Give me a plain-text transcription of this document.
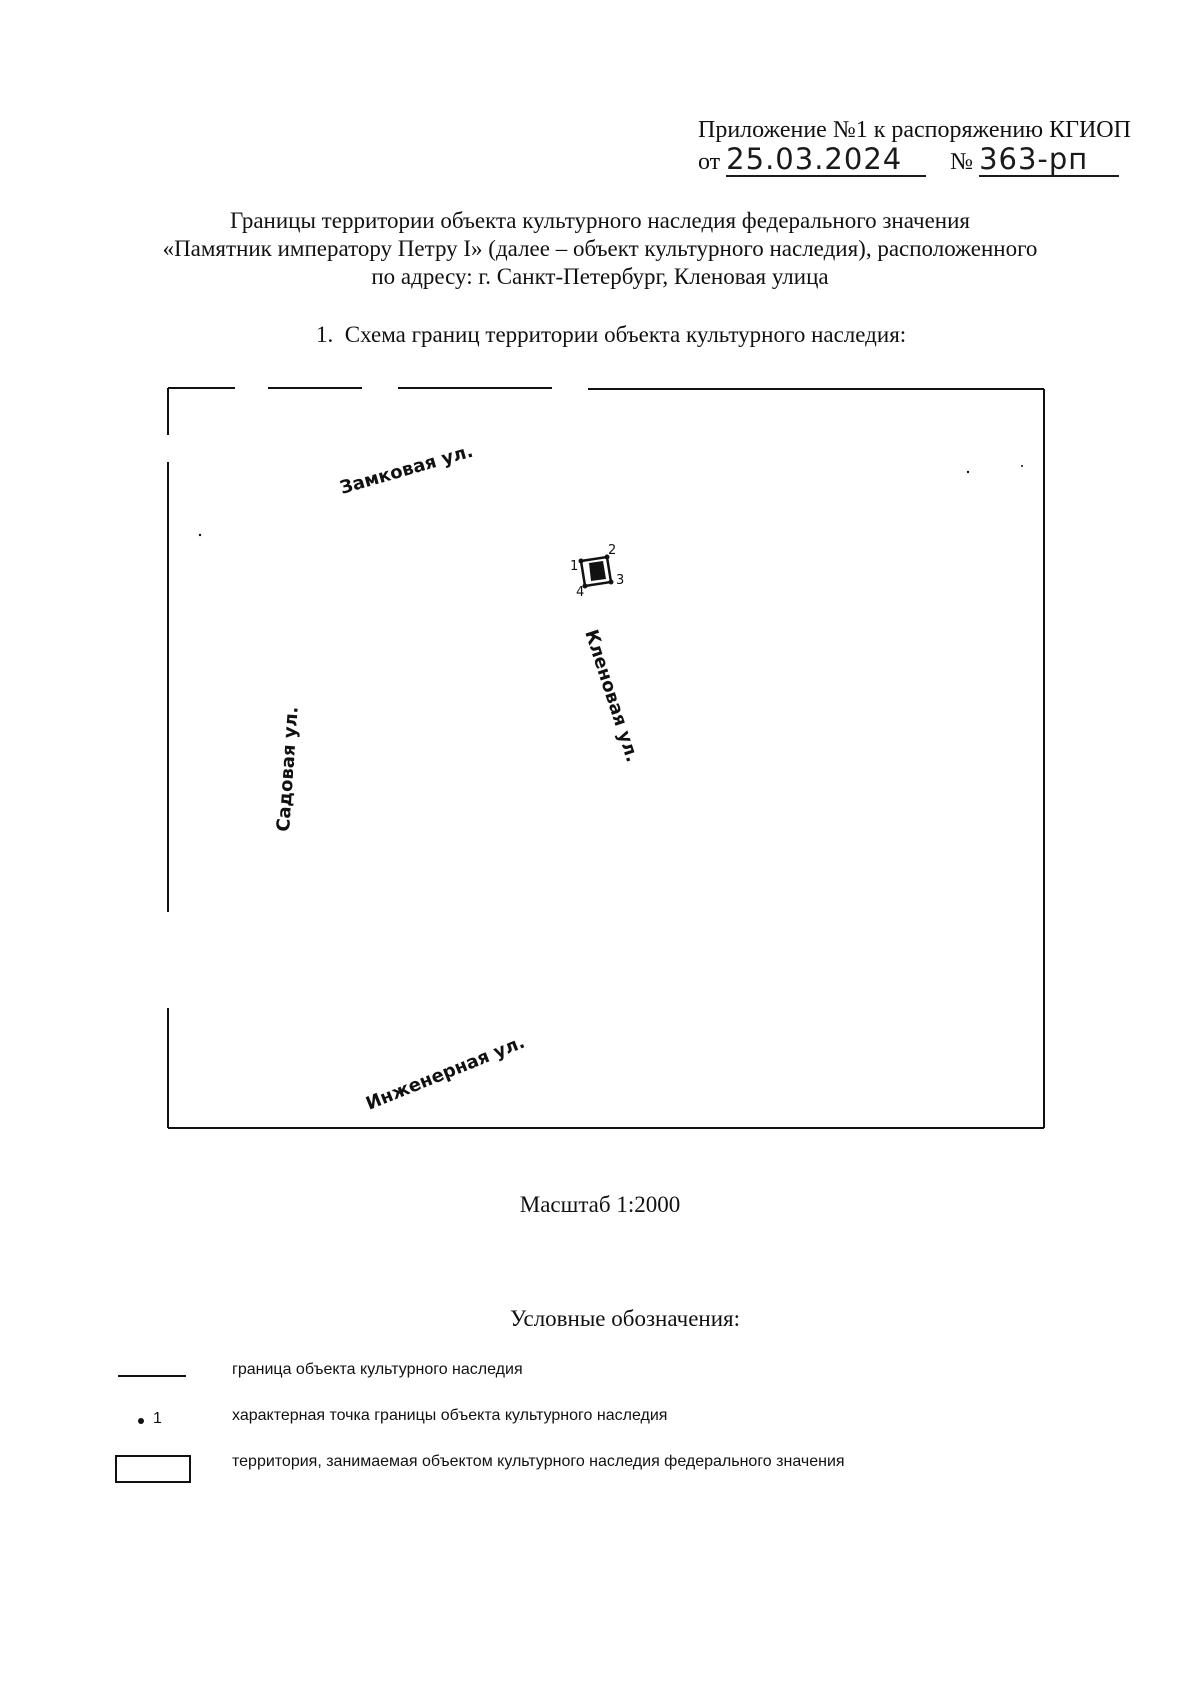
Приложение №1 к распоряжению КГИОП
от 25.03.2024 № 363-рп
Границы территории объекта культурного наследия федерального значения
«Памятник императору Петру I» (далее – объект культурного наследия), расположенного
по адресу: г. Санкт-Петербург, Кленовая улица
1. Схема границ территории объекта культурного наследия:
Замковая ул.
Кленовая ул.
Садовая ул.
Инженерная ул.
1
2
3
4
Масштаб 1:2000
Условные обозначения:
граница объекта культурного наследия
1	характерная точка границы объекта культурного наследия
территория, занимаемая объектом культурного наследия федерального значения
